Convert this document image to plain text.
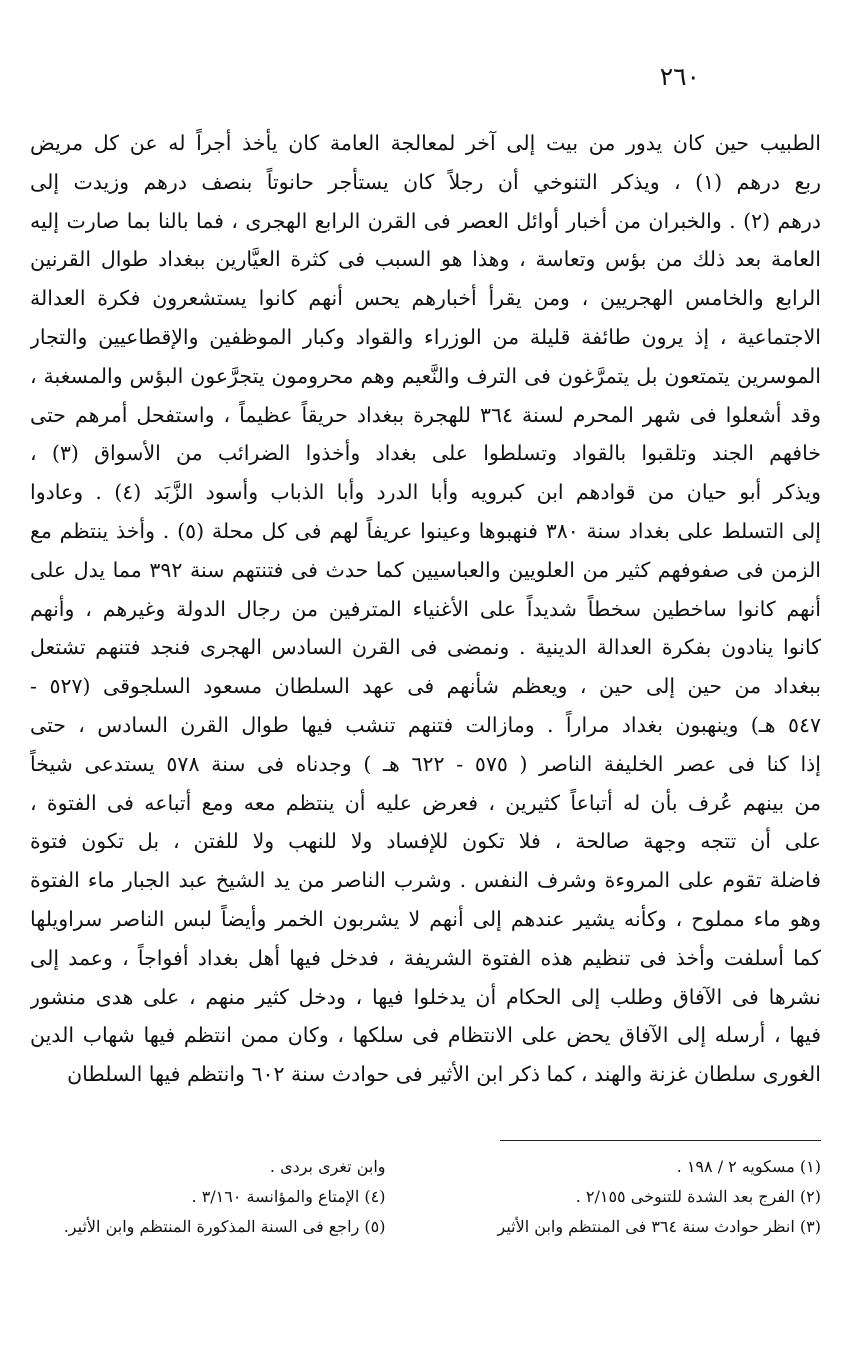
٢٦٠
الطبيب حين كان يدور من بيت إلى آخر لمعالجة العامة كان يأخذ أجراً له عن كل مريض
ربع درهم (١) ، ويذكر التنوخي أن رجلاً كان يستأجر حانوتاً بنصف درهم وزيدت إلى
درهم (٢) . والخبران من أخبار أوائل العصر فى القرن الرابع الهجرى ، فما بالنا بما صارت إليه
العامة بعد ذلك من بؤس وتعاسة ، وهذا هو السبب فى كثرة العيَّارين ببغداد طوال القرنين
الرابع والخامس الهجريين ، ومن يقرأ أخبارهم يحس أنهم كانوا يستشعرون فكرة العدالة
الاجتماعية ، إذ يرون طائفة قليلة من الوزراء والقواد وكبار الموظفين والإقطاعيين والتجار
الموسرين يتمتعون بل يتمرَّغون فى الترف والنَّعيم وهم محرومون يتجرَّعون البؤس والمسغبة ،
وقد أشعلوا فى شهر المحرم لسنة ٣٦٤ للهجرة ببغداد حريقاً عظيماً ، واستفحل أمرهم حتى
خافهم الجند وتلقبوا بالقواد وتسلطوا على بغداد وأخذوا الضرائب من الأسواق (٣) ،
ويذكر أبو حيان من قوادهم ابن كبرويه وأبا الدرد وأبا الذباب وأسود الزَّبَد (٤) . وعادوا
إلى التسلط على بغداد سنة ٣٨٠ فنهبوها وعينوا عريفاً لهم فى كل محلة (٥) . وأخذ ينتظم مع
الزمن فى صفوفهم كثير من العلويين والعباسيين كما حدث فى فتنتهم سنة ٣٩٢ مما يدل على
أنهم كانوا ساخطين سخطاً شديداً على الأغنياء المترفين من رجال الدولة وغيرهم ، وأنهم
كانوا ينادون بفكرة العدالة الدينية . ونمضى فى القرن السادس الهجرى فنجد فتنهم تشتعل
ببغداد من حين إلى حين ، ويعظم شأنهم فى عهد السلطان مسعود السلجوقى (٥٢٧ -
٥٤٧ هـ) وينهبون بغداد مراراً . ومازالت فتنهم تنشب فيها طوال القرن السادس ، حتى
إذا كنا فى عصر الخليفة الناصر ( ٥٧٥ - ٦٢٢ هـ ) وجدناه فى سنة ٥٧٨ يستدعى شيخاً
من بينهم عُرف بأن له أتباعاً كثيرين ، فعرض عليه أن ينتظم معه ومع أتباعه فى الفتوة ،
على أن تتجه وجهة صالحة ، فلا تكون للإفساد ولا للنهب ولا للفتن ، بل تكون فتوة
فاضلة تقوم على المروءة وشرف النفس . وشرب الناصر من يد الشيخ عبد الجبار ماء الفتوة
وهو ماء مملوح ، وكأنه يشير عندهم إلى أنهم لا يشربون الخمر وأيضاً لبس الناصر سراويلها
كما أسلفت وأخذ فى تنظيم هذه الفتوة الشريفة ، فدخل فيها أهل بغداد أفواجاً ، وعمد إلى
نشرها فى الآفاق وطلب إلى الحكام أن يدخلوا فيها ، ودخل كثير منهم ، على هدى منشور
فيها ، أرسله إلى الآفاق يحض على الانتظام فى سلكها ، وكان ممن انتظم فيها شهاب الدين
الغورى سلطان غزنة والهند ، كما ذكر ابن الأثير فى حوادث سنة ٦٠٢ وانتظم فيها السلطان
(١) مسكويه ٢ / ١٩٨ .
وابن تغرى بردى .
(٢) الفرج بعد الشدة للتنوخى ٢/١٥٥ .
(٤) الإمتاع والمؤانسة ٣/١٦٠ .
(٣) انظر حوادث سنة ٣٦٤ فى المنتظم وابن الأثير
(٥) راجع فى السنة المذكورة المنتظم وابن الأثير.
